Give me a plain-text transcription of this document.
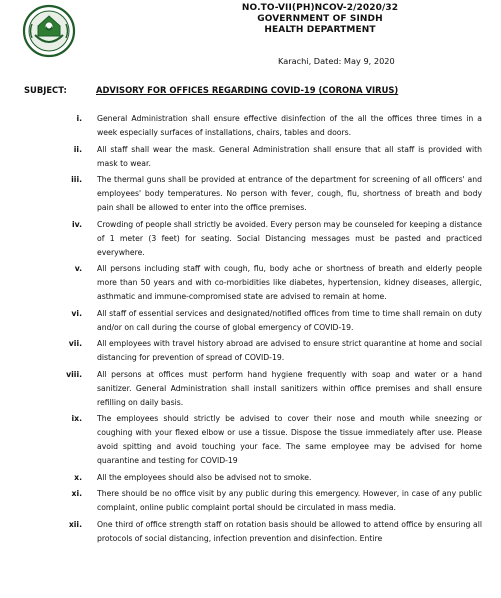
NO.TO-VII(PH)NCOV-2/2020/32
GOVERNMENT OF SINDH
HEALTH DEPARTMENT
Karachi, Dated: May 9, 2020
SUBJECT:	ADVISORY FOR OFFICES REGARDING COVID-19 (CORONA VIRUS)
i. General Administration shall ensure effective disinfection of the all the offices three times in a week especially surfaces of installations, chairs, tables and doors.
ii. All staff shall wear the mask. General Administration shall ensure that all staff is provided with mask to wear.
iii. The thermal guns shall be provided at entrance of the department for screening of all officers' and employees' body temperatures. No person with fever, cough, flu, shortness of breath and body pain shall be allowed to enter into the office premises.
iv. Crowding of people shall strictly be avoided. Every person may be counseled for keeping a distance of 1 meter (3 feet) for seating. Social Distancing messages must be pasted and practiced everywhere.
v. All persons including staff with cough, flu, body ache or shortness of breath and elderly people more than 50 years and with co-morbidities like diabetes, hypertension, kidney diseases, allergic, asthmatic and immune-compromised state are advised to remain at home.
vi. All staff of essential services and designated/notified offices from time to time shall remain on duty and/or on call during the course of global emergency of COVID-19.
vii. All employees with travel history abroad are advised to ensure strict quarantine at home and social distancing for prevention of spread of COVID-19.
viii. All persons at offices must perform hand hygiene frequently with soap and water or a hand sanitizer. General Administration shall install sanitizers within office premises and shall ensure refilling on daily basis.
ix. The employees should strictly be advised to cover their nose and mouth while sneezing or coughing with your flexed elbow or use a tissue. Dispose the tissue immediately after use. Please avoid spitting and avoid touching your face. The same employee may be advised for home quarantine and testing for COVID-19
x. All the employees should also be advised not to smoke.
xi. There should be no office visit by any public during this emergency. However, in case of any public complaint, online public complaint portal should be circulated in mass media.
xii. One third of office strength staff on rotation basis should be allowed to attend office by ensuring all protocols of social distancing, infection prevention and disinfection. Entire
